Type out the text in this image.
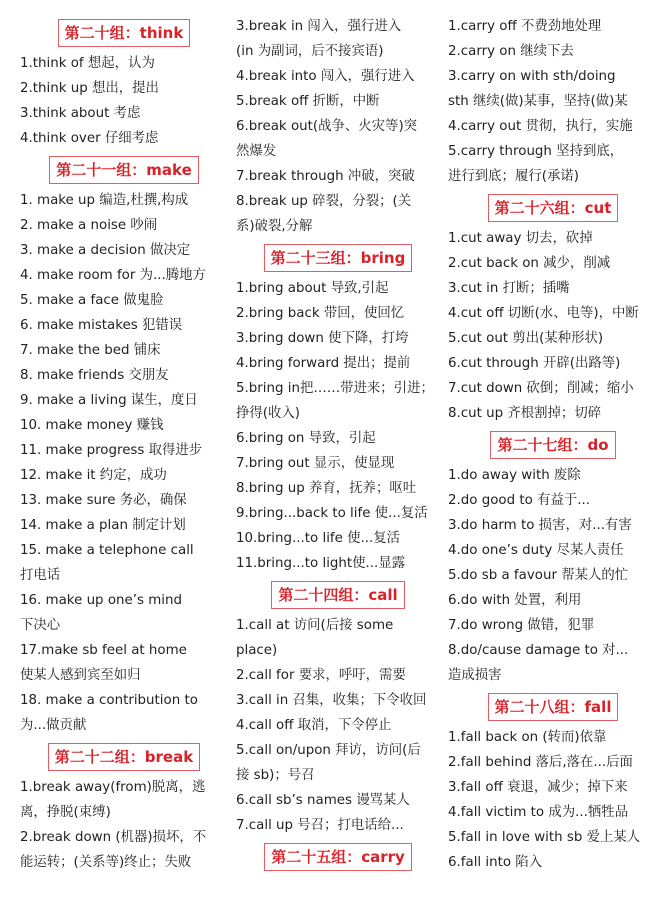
第二十组：think
1.think of 想起，认为
2.think up 想出，提出
3.think about 考虑
4.think over 仔细考虑
第二十一组：make
1. make up 编造,杜撰,构成
2. make a noise 吵闹
3. make a decision 做决定
4. make room for 为...腾地方
5. make a face 做鬼脸
6. make mistakes 犯错误
7. make the bed 铺床
8. make friends 交朋友
9. make a living 谋生，度日
10. make money 赚钱
11. make progress 取得进步
12. make it 约定，成功
13. make sure 务必，确保
14. make a plan 制定计划
15. make a telephone call
打电话
16. make up one’s mind
下决心
17.make sb feel at home
使某人感到宾至如归
18. make a contribution to
为...做贡献
第二十二组：break
1.break away(from)脱离，逃
离，挣脱(束缚)
2.break down (机器)损坏，不
能运转；(关系等)终止；失败
3.break in 闯入，强行进入
(in 为副词，后不接宾语)
4.break into 闯入，强行进入
5.break off 折断，中断
6.break out(战争、火灾等)突
然爆发
7.break through 冲破，突破
8.break up 碎裂，分裂；(关
系)破裂,分解
第二十三组：bring
1.bring about 导致,引起
2.bring back 带回，使回忆
3.bring down 使下降，打垮
4.bring forward 提出；提前
5.bring in把……带进来；引进；
挣得(收入)
6.bring on 导致，引起
7.bring out 显示，使显现
8.bring up 养育，抚养；呕吐
9.bring...back to life 使...复活
10.bring...to life 使...复活
11.bring...to light使...显露
第二十四组：call
1.call at 访问(后接 some
place)
2.call for 要求，呼吁，需要
3.call in 召集，收集；下令收回
4.call off 取消，下令停止
5.call on/upon 拜访，访问(后
接 sb)；号召
6.call sb’s names 谩骂某人
7.call up 号召；打电话给...
第二十五组：carry
1.carry off 不费劲地处理
2.carry on 继续下去
3.carry on with sth/doing
sth 继续(做)某事，坚持(做)某
4.carry out 贯彻，执行，实施
5.carry through 坚持到底，
进行到底；履行(承诺)
第二十六组：cut
1.cut away 切去，砍掉
2.cut back on 减少，削减
3.cut in 打断；插嘴
4.cut off 切断(水、电等)，中断
5.cut out 剪出(某种形状)
6.cut through 开辟(出路等)
7.cut down 砍倒；削减；缩小
8.cut up 齐根割掉；切碎
第二十七组：do
1.do away with 废除
2.do good to 有益于...
3.do harm to 损害，对...有害
4.do one’s duty 尽某人责任
5.do sb a favour 帮某人的忙
6.do with 处置，利用
7.do wrong 做错，犯罪
8.do/cause damage to 对...
造成损害
第二十八组：fall
1.fall back on (转而)依靠
2.fall behind 落后,落在...后面
3.fall off 衰退，减少；掉下来
4.fall victim to 成为...牺牲品
5.fall in love with sb 爱上某人
6.fall into 陷入
